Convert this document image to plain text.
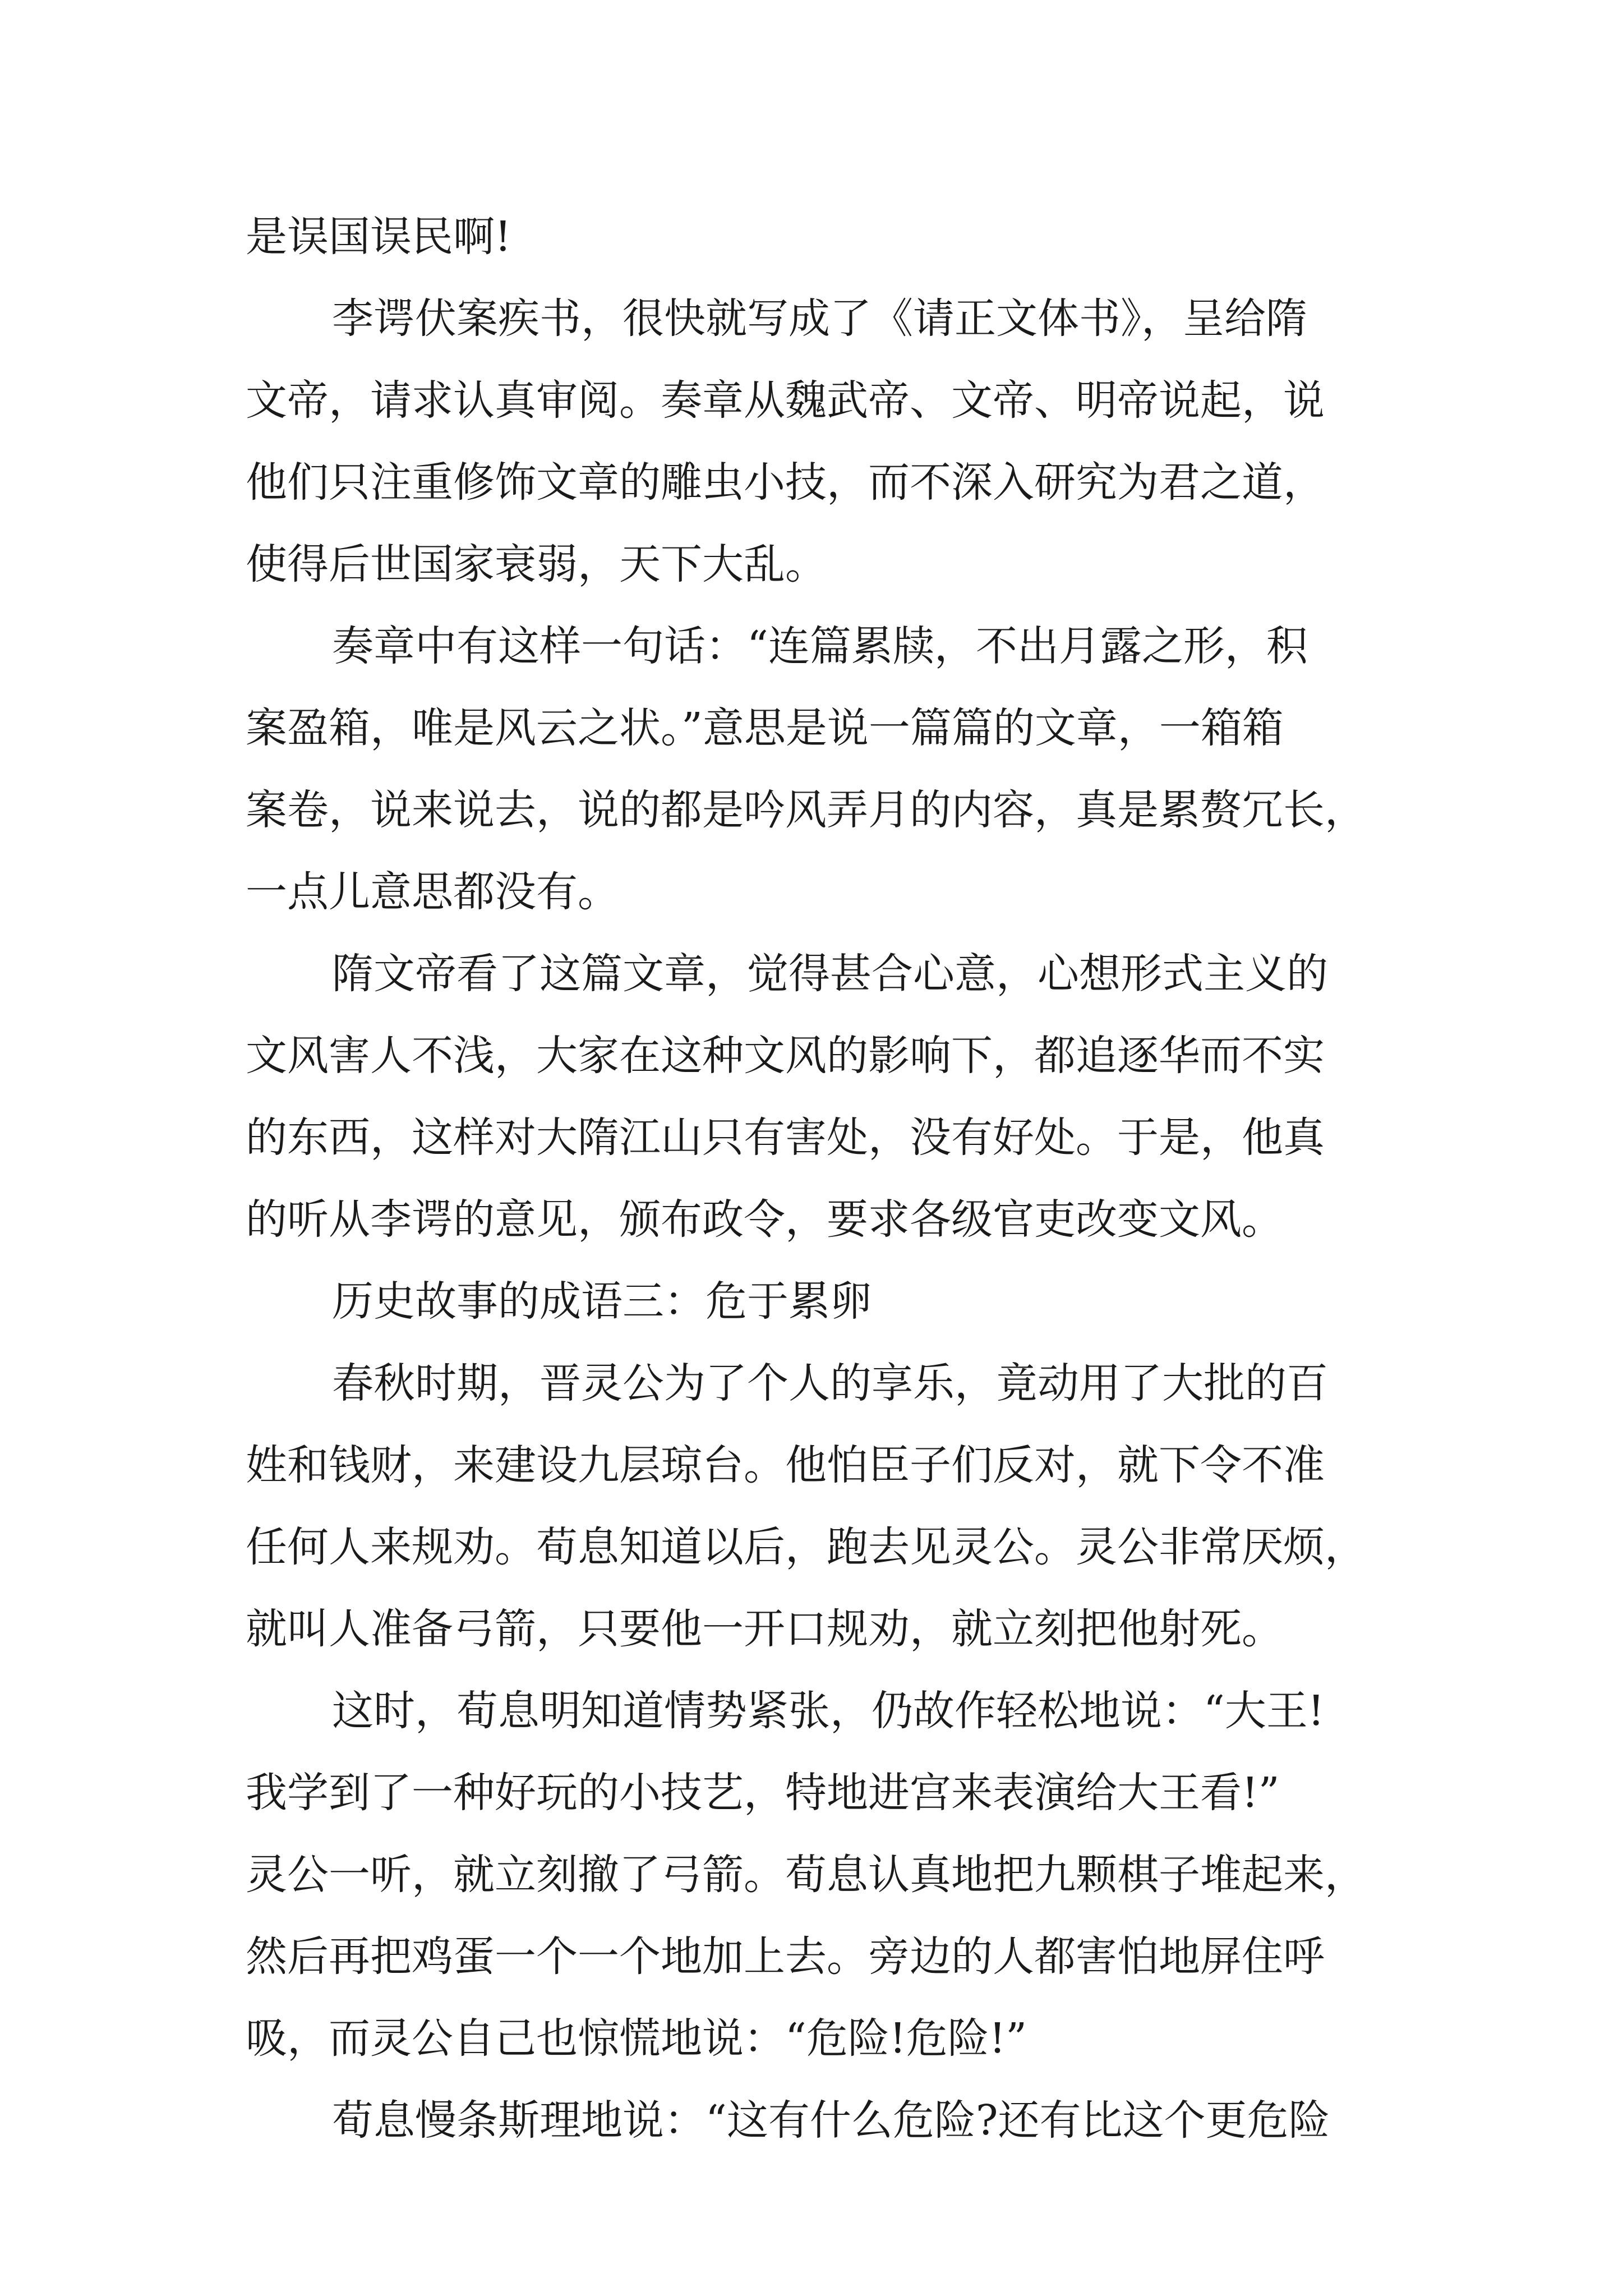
是误国误民啊!
李谔伏案疾书，很快就写成了《请正文体书》，呈给隋
文帝，请求认真审阅。奏章从魏武帝、文帝、明帝说起，说
他们只注重修饰文章的雕虫小技，而不深入研究为君之道，
使得后世国家衰弱，天下大乱。
奏章中有这样一句话：“连篇累牍，不出月露之形，积
案盈箱，唯是风云之状。”意思是说一篇篇的文章，一箱箱
案卷，说来说去，说的都是吟风弄月的内容，真是累赘冗长，
一点儿意思都没有。
隋文帝看了这篇文章，觉得甚合心意，心想形式主义的
文风害人不浅，大家在这种文风的影响下，都追逐华而不实
的东西，这样对大隋江山只有害处，没有好处。于是，他真
的听从李谔的意见，颁布政令，要求各级官吏改变文风。
历史故事的成语三：危于累卵
春秋时期，晋灵公为了个人的享乐，竟动用了大批的百
姓和钱财，来建设九层琼台。他怕臣子们反对，就下令不准
任何人来规劝。荀息知道以后，跑去见灵公。灵公非常厌烦，
就叫人准备弓箭，只要他一开口规劝，就立刻把他射死。
这时，荀息明知道情势紧张，仍故作轻松地说：“大王!
我学到了一种好玩的小技艺，特地进宫来表演给大王看!”
灵公一听，就立刻撤了弓箭。荀息认真地把九颗棋子堆起来，
然后再把鸡蛋一个一个地加上去。旁边的人都害怕地屏住呼
吸，而灵公自己也惊慌地说：“危险!危险!”
荀息慢条斯理地说：“这有什么危险?还有比这个更危险
